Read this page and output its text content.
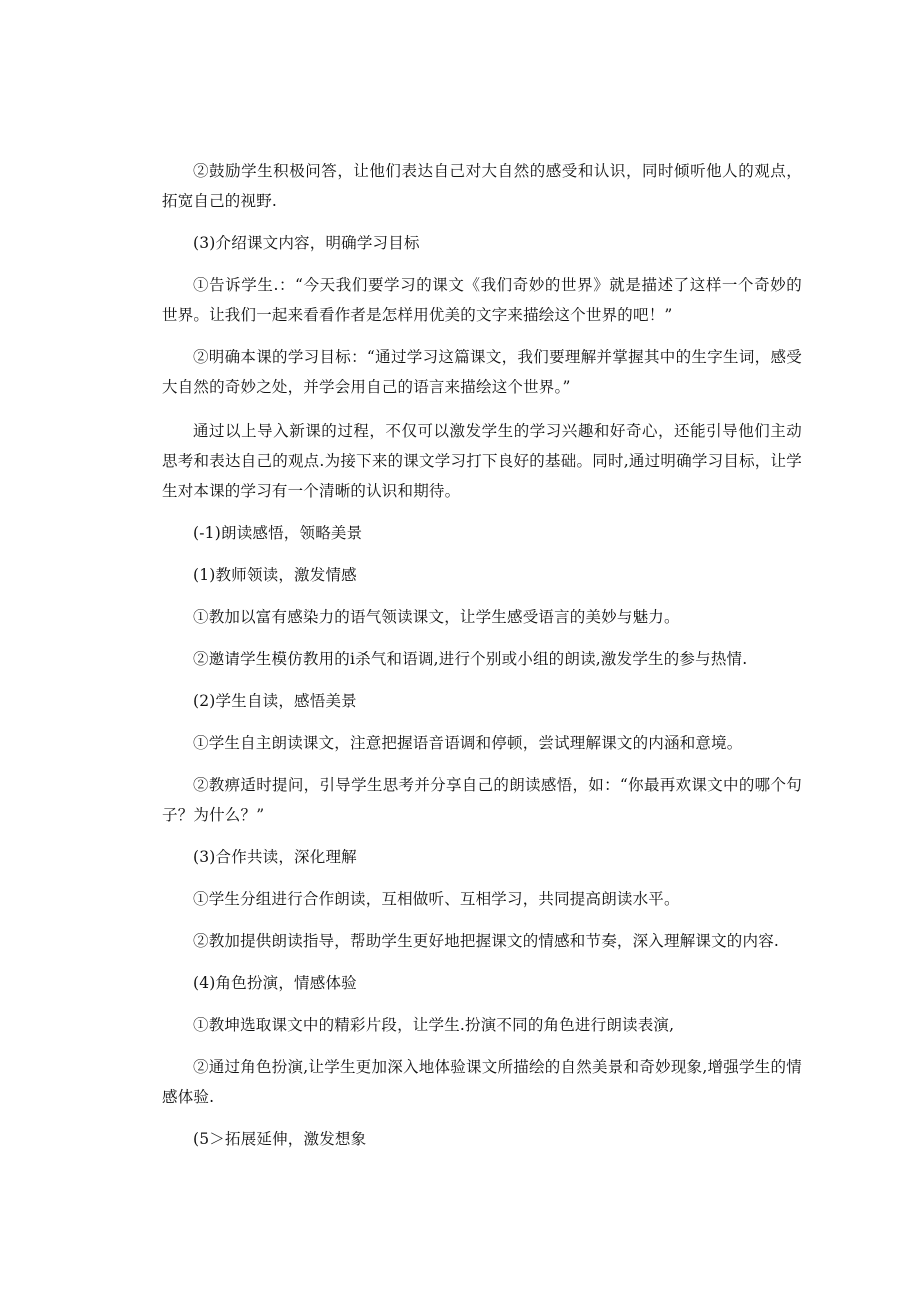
②鼓励学生积极问答，让他们表达自己对大自然的感受和认识，同时倾听他人的观点，拓宽自己的视野.

(3)介绍课文内容，明确学习目标

①告诉学生.：“今天我们要学习的课文《我们奇妙的世界》就是描述了这样一个奇妙的世界。让我们一起来看看作者是怎样用优美的文字来描绘这个世界的吧！”

②明确本课的学习目标：“通过学习这篇课文，我们要理解并掌握其中的生字生词，感受大自然的奇妙之处，并学会用自己的语言来描绘这个世界。”

通过以上导入新课的过程，不仅可以激发学生的学习兴趣和好奇心，还能引导他们主动思考和表达自己的观点.为接下来的课文学习打下良好的基础。同时,通过明确学习目标，让学生对本课的学习有一个清晰的认识和期待。

(-1)朗读感悟，领略美景

(1)教师领读，激发情感

①教加以富有感染力的语气领读课文，让学生感受语言的美妙与魅力。

②邀请学生模仿教用的i杀气和语调,进行个别或小组的朗读,激发学生的参与热情.

(2)学生自读，感悟美景

①学生自主朗读课文，注意把握语音语调和停顿，尝试理解课文的内涵和意境。

②教痹适时提问，引导学生思考并分享自己的朗读感悟，如：“你最再欢课文中的哪个句子？为什么？”

(3)合作共读，深化理解

①学生分组进行合作朗读，互相做听、互相学习，共同提高朗读水平。

②教加提供朗读指导，帮助学生更好地把握课文的情感和节奏，深入理解课文的内容.

(4)角色扮演，情感体验

①教坤选取课文中的精彩片段，让学生.扮演不同的角色进行朗读表演,

②通过角色扮演,让学生更加深入地体验课文所描绘的自然美景和奇妙现象,增强学生的情感体验.

(5＞拓展延伸，激发想象
